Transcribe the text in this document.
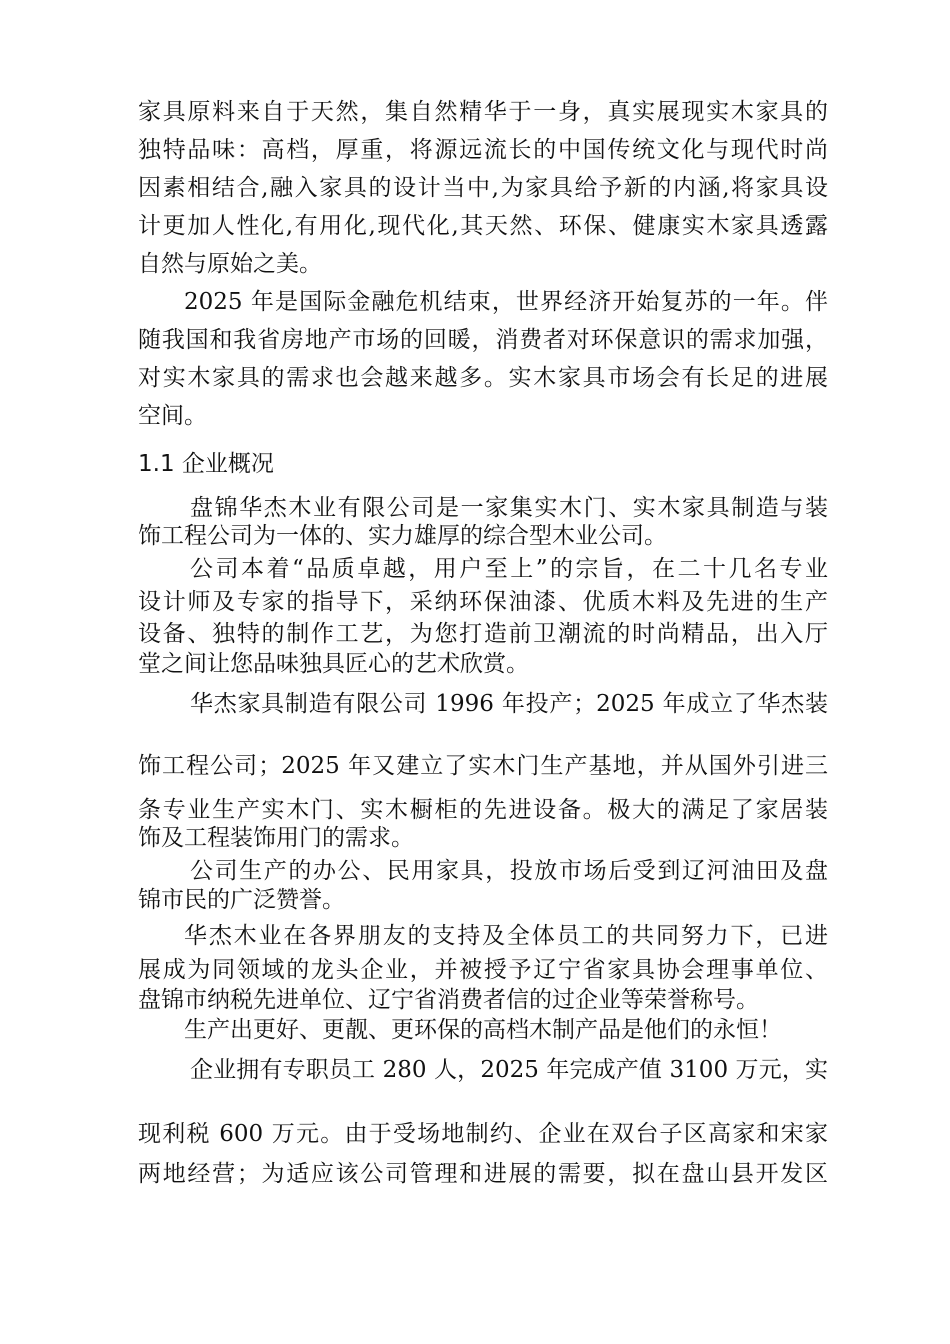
家具原料来自于天然，集自然精华于一身，真实展现实木家具的
独特品味：高档，厚重，将源远流长的中国传统文化与现代时尚
因素相结合,融入家具的设计当中,为家具给予新的内涵,将家具设
计更加人性化,有用化,现代化,其天然、环保、健康实木家具透露
自然与原始之美。
2025 年是国际金融危机结束，世界经济开始复苏的一年。伴
随我国和我省房地产市场的回暖，消费者对环保意识的需求加强，
对实木家具的需求也会越来越多。实木家具市场会有长足的进展
空间。
1.1 企业概况
盘锦华杰木业有限公司是一家集实木门、实木家具制造与装
饰工程公司为一体的、实力雄厚的综合型木业公司。
公司本着“品质卓越，用户至上”的宗旨，在二十几名专业
设计师及专家的指导下，采纳环保油漆、优质木料及先进的生产
设备、独特的制作工艺，为您打造前卫潮流的时尚精品，出入厅
堂之间让您品味独具匠心的艺术欣赏。
华杰家具制造有限公司 1996 年投产；2025 年成立了华杰装
饰工程公司；2025 年又建立了实木门生产基地，并从国外引进三
条专业生产实木门、实木橱柜的先进设备。极大的满足了家居装
饰及工程装饰用门的需求。
公司生产的办公、民用家具，投放市场后受到辽河油田及盘
锦市民的广泛赞誉。
华杰木业在各界朋友的支持及全体员工的共同努力下，已进
展成为同领域的龙头企业，并被授予辽宁省家具协会理事单位、
盘锦市纳税先进单位、辽宁省消费者信的过企业等荣誉称号。
生产出更好、更靓、更环保的高档木制产品是他们的永恒！
企业拥有专职员工 280 人，2025 年完成产值 3100 万元，实
现利税 600 万元。由于受场地制约、企业在双台子区高家和宋家
两地经营；为适应该公司管理和进展的需要，拟在盘山县开发区
